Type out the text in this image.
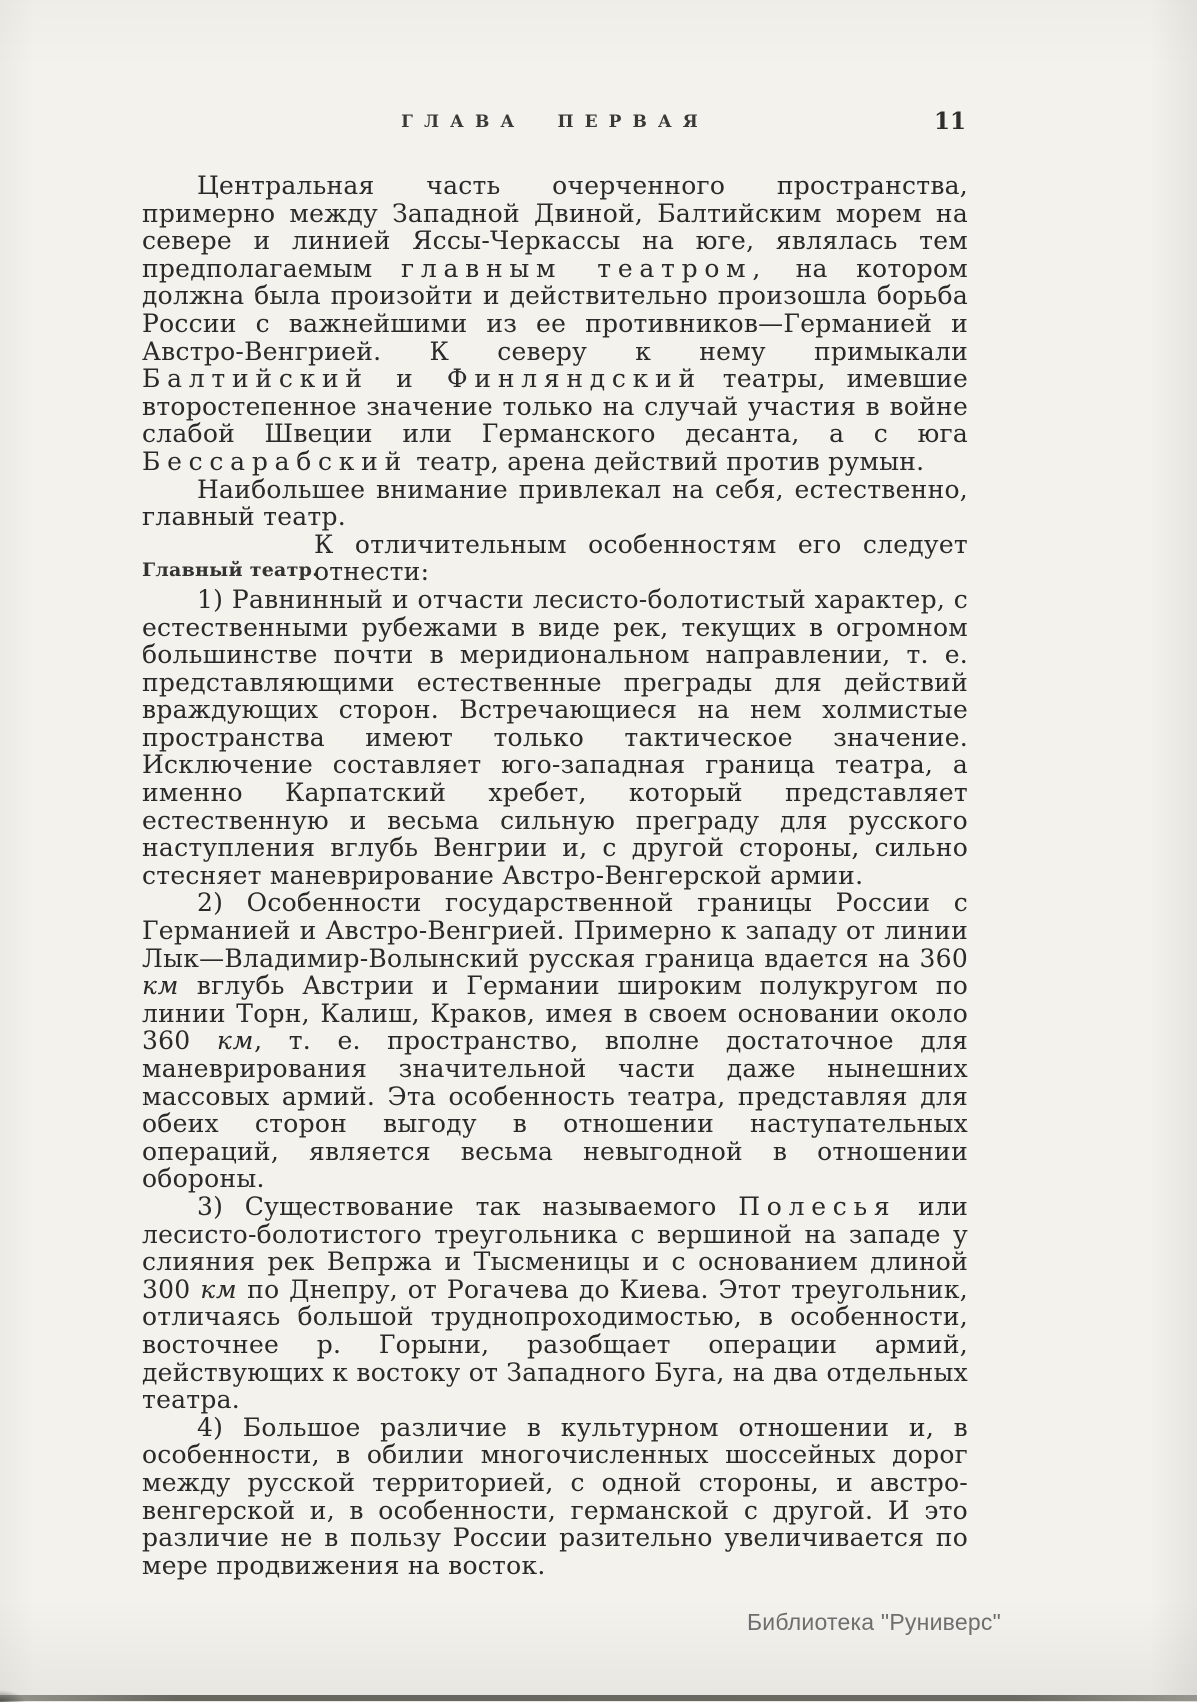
ГЛАВА ПЕРВАЯ	11

Центральная часть очерченного пространства, примерно между Западной Двиной, Балтийским морем на севере и линией Яссы-Черкассы на юге, являлась тем предполагаемым главным театром, на котором должна была произойти и действительно произошла борьба России с важнейшими из ее противников—Германией и Австро-Венгрией. К северу к нему примыкали Балтийский и Финляндский театры, имевшие второстепенное значение только на случай участия в войне слабой Швеции или Германского десанта, а с юга Бессарабский театр, арена действий против румын.

Наибольшее внимание привлекал на себя, естественно, главный театр.

Главный театр.

К отличительным особенностям его следует отнести:

1) Равнинный и отчасти лесисто-болотистый характер, с естественными рубежами в виде рек, текущих в огромном большинстве почти в меридиональном направлении, т. е. представляющими естественные преграды для действий враждующих сторон. Встречающиеся на нем холмистые пространства имеют только тактическое значение. Исключение составляет юго-западная граница театра, а именно Карпатский хребет, который представляет естественную и весьма сильную преграду для русского наступления вглубь Венгрии и, с другой стороны, сильно стесняет маневрирование Австро-Венгерской армии.

2) Особенности государственной границы России с Германией и Австро-Венгрией. Примерно к западу от линии Лык—Владимир-Волынский русская граница вдается на 360 км вглубь Австрии и Германии широким полукругом по линии Торн, Калиш, Краков, имея в своем основании около 360 км, т. е. пространство, вполне достаточное для маневрирования значительной части даже нынешних массовых армий. Эта особенность театра, представляя для обеих сторон выгоду в отношении наступательных операций, является весьма невыгодной в отношении обороны.

3) Существование так называемого Полесья или лесисто-болотистого треугольника с вершиной на западе у слияния рек Вепржа и Тысменицы и с основанием длиной 300 км по Днепру, от Рогачева до Киева. Этот треугольник, отличаясь большой труднопроходимостью, в особенности, восточнее р. Горыни, разобщает операции армий, действующих к востоку от Западного Буга, на два отдельных театра.

4) Большое различие в культурном отношении и, в особенности, в обилии многочисленных шоссейных дорог между русской территорией, с одной стороны, и австро-венгерской и, в особенности, германской с другой. И это различие не в пользу России разительно увеличивается по мере продвижения на восток.

Библиотека "Руниверс"
